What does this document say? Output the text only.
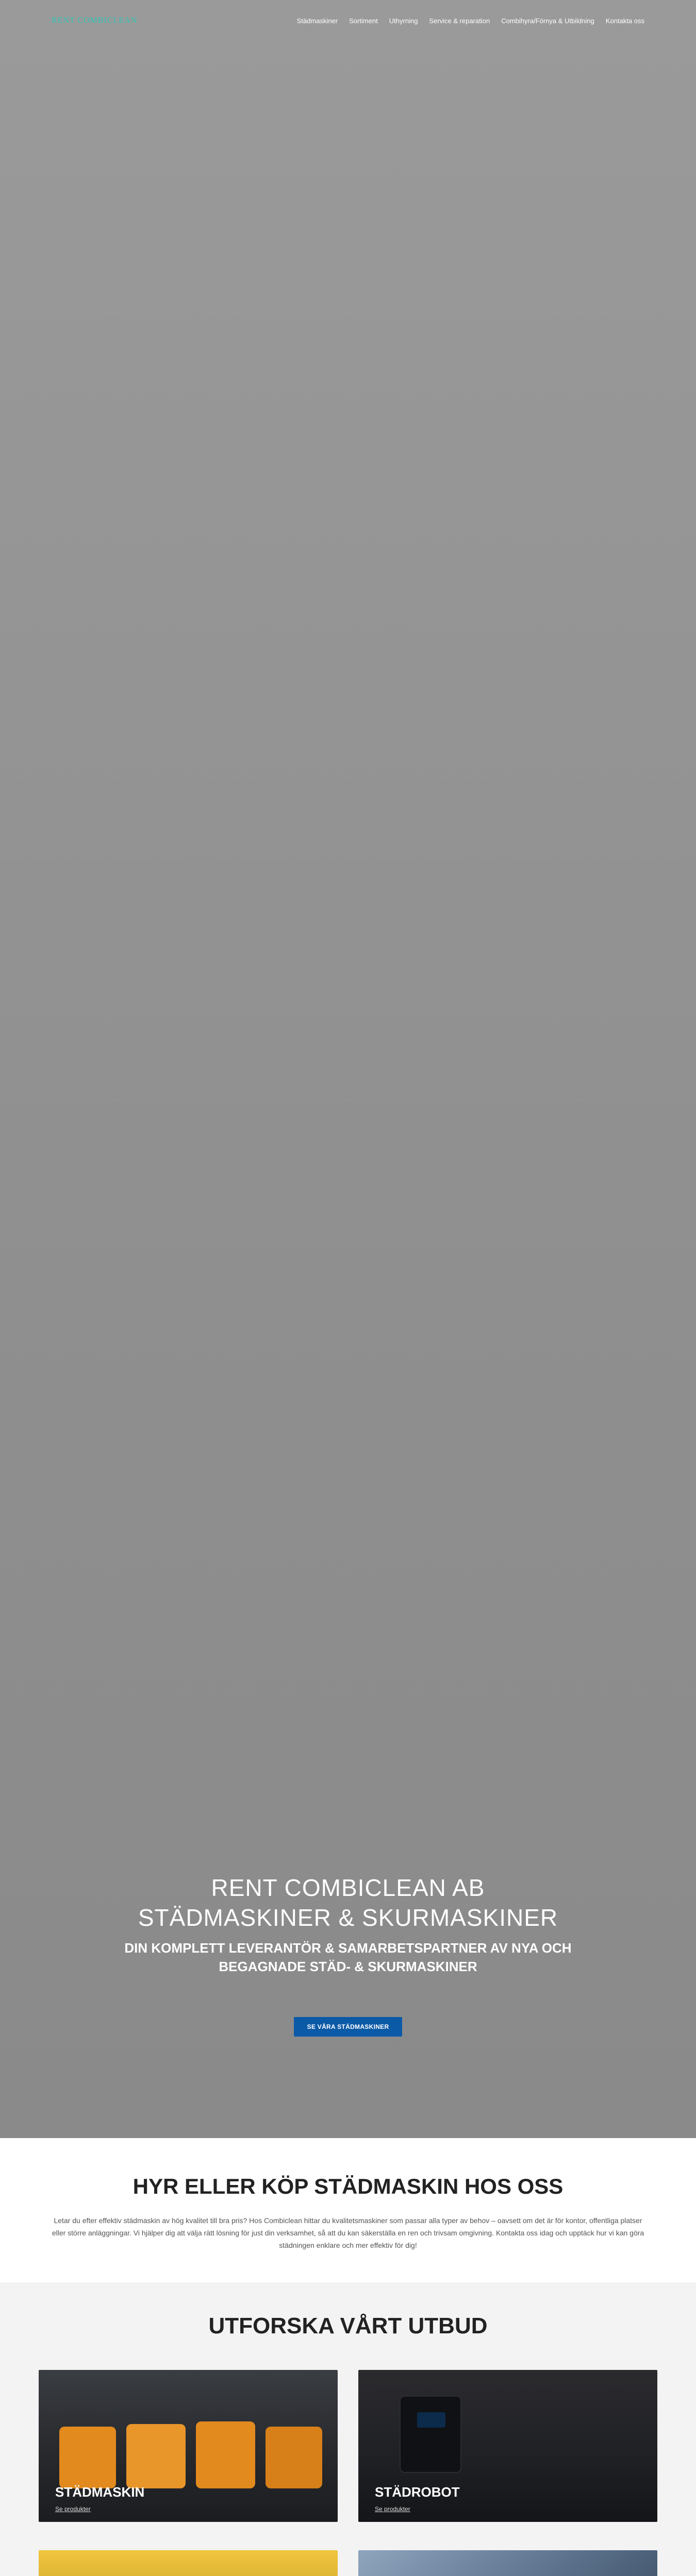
RENT COMBICLEAN	Städmaskiner Sortiment Uthyrning Service & reparation Combihyra/Förnya & Utbildning Kontakta oss
RENT COMBICLEAN AB
STÄDMASKINER & SKURMASKINER

DIN KOMPLETT LEVERANTÖR & SAMARBETSPARTNER AV NYA OCH BEGAGNADE STÄD- & SKURMASKINER

SE VÅRA STÄDMASKINER
HYR ELLER KÖP STÄDMASKIN HOS OSS

Letar du efter effektiv städmaskin av hög kvalitet till bra pris? Hos Combiclean hittar du kvalitetsmaskiner som passar alla typer av behov – oavsett om det är för kontor, offentliga platser eller större anläggningar. Vi hjälper dig att välja rätt lösning för just din verksamhet, så att du kan säkerställa en ren och trivsam omgivning. Kontakta oss idag och upptäck hur vi kan göra städningen enklare och mer effektiv för dig!

UTFORSKA VÅRT UTBUD
STÄDMASKIN
Se produkter
STÄDROBOT
Se produkter
